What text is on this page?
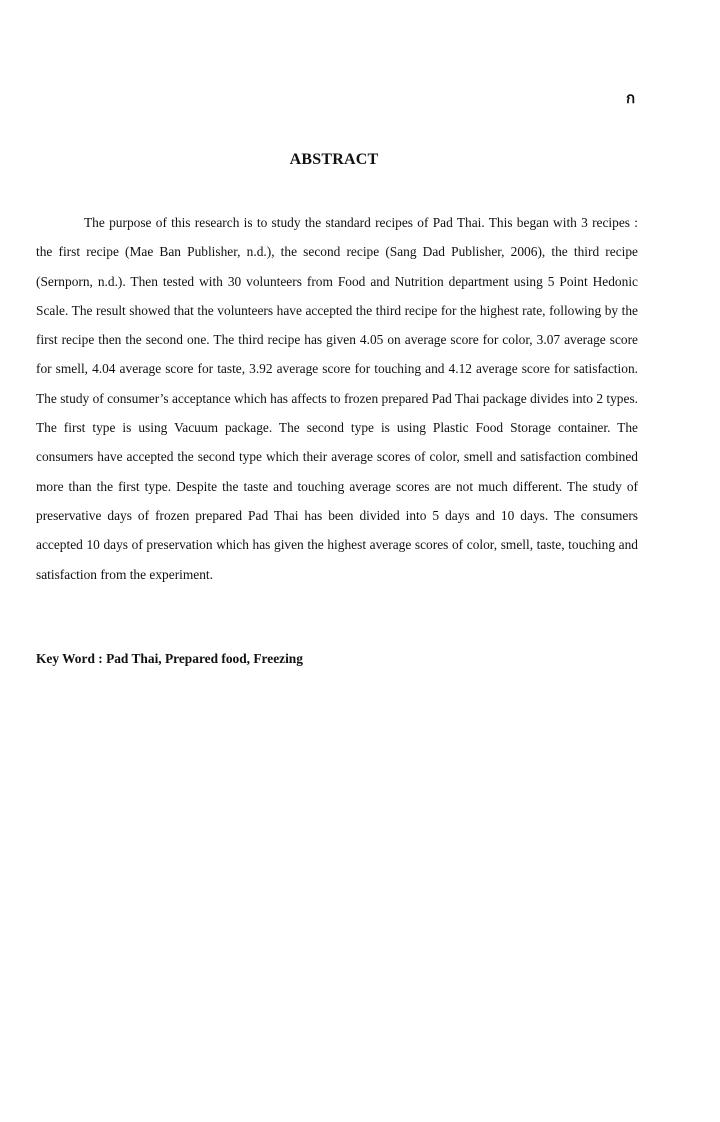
ก
ABSTRACT

The purpose of this research is to study the standard recipes of Pad Thai. This began with 3 recipes : the first recipe (Mae Ban Publisher, n.d.), the second recipe (Sang Dad Publisher, 2006), the third recipe (Sernporn, n.d.). Then tested with 30 volunteers from Food and Nutrition department using 5 Point Hedonic Scale. The result showed that the volunteers have accepted the third recipe for the highest rate, following by the first recipe then the second one. The third recipe has given 4.05 on average score for color, 3.07 average score for smell, 4.04 average score for taste, 3.92 average score for touching and 4.12 average score for satisfaction. The study of consumer’s acceptance which has affects to frozen prepared Pad Thai package divides into 2 types. The first type is using Vacuum package. The second type is using Plastic Food Storage container. The consumers have accepted the second type which their average scores of color, smell and satisfaction combined more than the first type. Despite the taste and touching average scores are not much different. The study of preservative days of frozen prepared Pad Thai has been divided into 5 days and 10 days. The consumers accepted 10 days of preservation which has given the highest average scores of color, smell, taste, touching and satisfaction from the experiment.

Key Word : Pad Thai, Prepared food, Freezing
